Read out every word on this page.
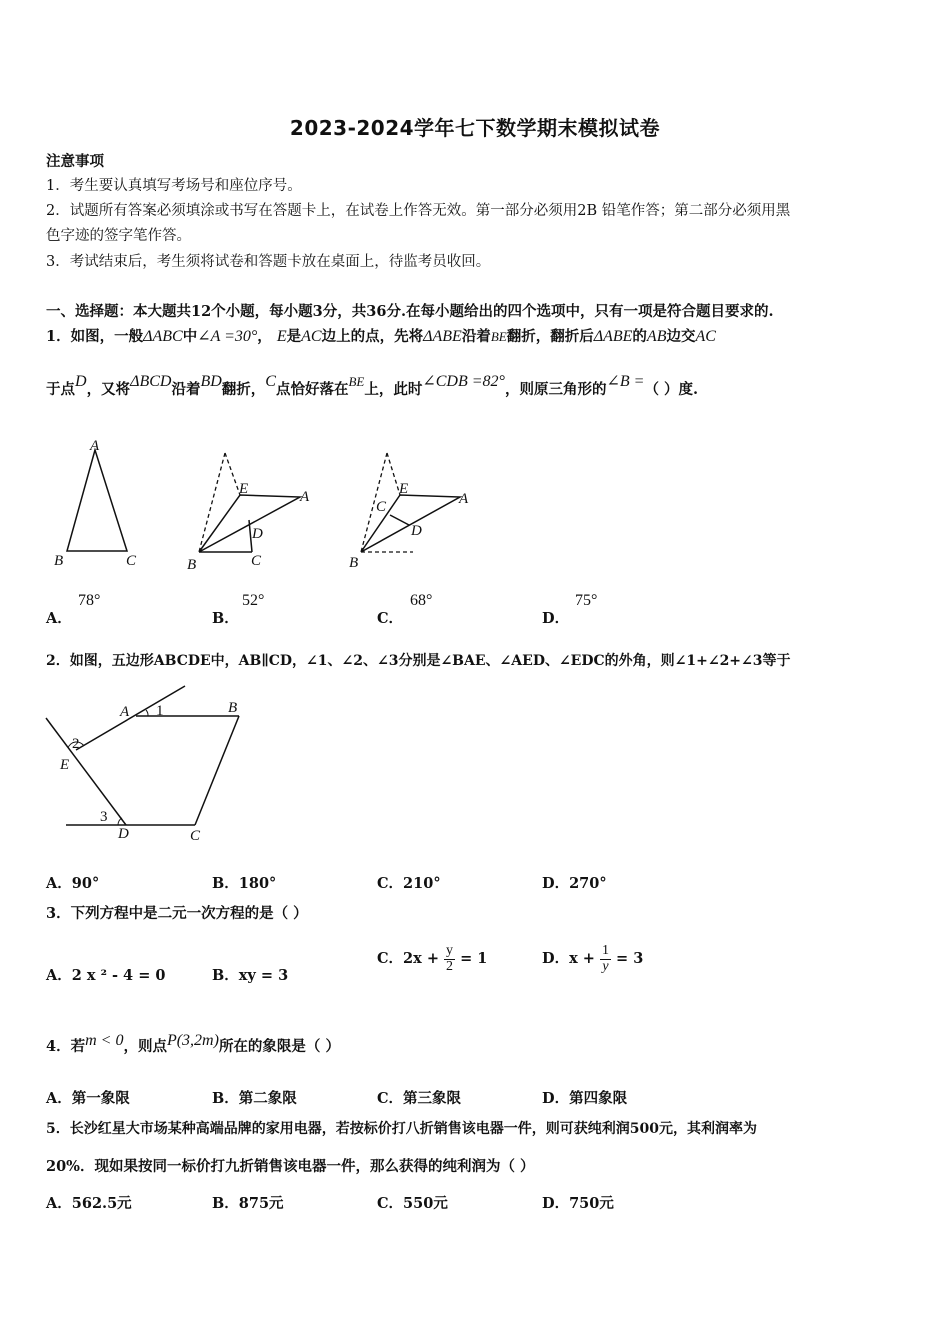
2023-2024学年七下数学期末模拟试卷
注意事项
1．考生要认真填写考场号和座位序号。
2．试题所有答案必须填涂或书写在答题卡上，在试卷上作答无效。第一部分必须用2B 铅笔作答；第二部分必须用黑
色字迹的签字笔作答。
3．考试结束后，考生须将试卷和答题卡放在桌面上，待监考员收回。
一、选择题：本大题共12个小题，每小题3分，共36分.在每小题给出的四个选项中，只有一项是符合题目要求的.
1．如图，一般ΔABC中∠A =30°， E是AC边上的点，先将ΔABE沿着BE翻折，翻折后ΔABE的AB边交AC
于点D，又将ΔBCD沿着BD翻折，C点恰好落在BE上，此时∠CDB =82°，则原三角形的∠B =（ ）度.
A
B	C
E	A
D
B	C
C
E
A
D
B
A．
78°
B．
52°
C．
68°
D．
75°
2．如图，五边形ABCDE中，AB∥CD，∠1、∠2、∠3分别是∠BAE、∠AED、∠EDC的外角，则∠1+∠2+∠3等于
A 1	B
2
E
3
D	C
A．90°	B．180°	C．210°	D．270°
3．下列方程中是二元一次方程的是（ ）
A．2 x ² - 4 = 0	B．xy = 3
C．$2x + \frac{y}{2} = 1$	D．$x + \frac{1}{y} = 3$
4．若m < 0，则点P(3,2m)所在的象限是（ ）
A．第一象限	B．第二象限	C．第三象限	D．第四象限
5．长沙红星大市场某种高端品牌的家用电器，若按标价打八折销售该电器一件，则可获纯利润500元，其利润率为
20%．现如果按同一标价打九折销售该电器一件，那么获得的纯利润为（ ）
A．562.5元	B．875元	C．550元	D．750元
